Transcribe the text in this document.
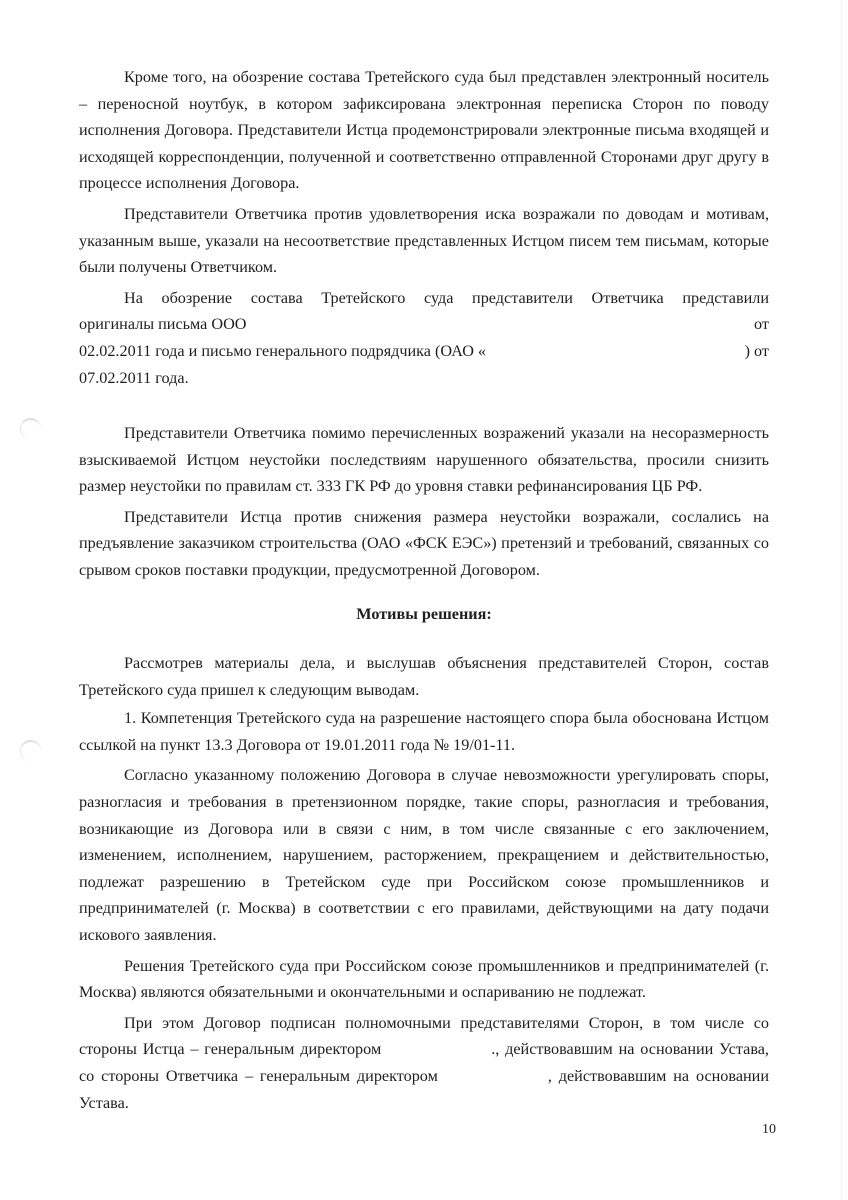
Кроме того, на обозрение состава Третейского суда был представлен электронный носитель – переносной ноутбук, в котором зафиксирована электронная переписка Сторон по поводу исполнения Договора. Представители Истца продемонстрировали электронные письма входящей и исходящей корреспонденции, полученной и соответственно отправленной Сторонами друг другу в процессе исполнения Договора.

Представители Ответчика против удовлетворения иска возражали по доводам и мотивам, указанным выше, указали на несоответствие представленных Истцом писем тем письмам, которые были получены Ответчиком.

На обозрение состава Третейского суда представители Ответчика представили

оригиналы письма ООО	от
02.02.2011 года и письмо генерального подрядчика (ОАО «	) от

07.02.2011 года.

Представители Ответчика помимо перечисленных возражений указали на несоразмерность взыскиваемой Истцом неустойки последствиям нарушенного обязательства, просили снизить размер неустойки по правилам ст. 333 ГК РФ до уровня ставки рефинансирования ЦБ РФ.

Представители Истца против снижения размера неустойки возражали, сослались на предъявление заказчиком строительства (ОАО «ФСК ЕЭС») претензий и требований, связанных со срывом сроков поставки продукции, предусмотренной Договором.

Мотивы решения:

Рассмотрев материалы дела, и выслушав объяснения представителей Сторон, состав Третейского суда пришел к следующим выводам.

1. Компетенция Третейского суда на разрешение настоящего спора была обоснована Истцом ссылкой на пункт 13.3 Договора от 19.01.2011 года № 19/01-11.

Согласно указанному положению Договора в случае невозможности урегулировать споры, разногласия и требования в претензионном порядке, такие споры, разногласия и требования, возникающие из Договора или в связи с ним, в том числе связанные с его заключением, изменением, исполнением, нарушением, расторжением, прекращением и действительностью, подлежат разрешению в Третейском суде при Российском союзе промышленников и предпринимателей (г. Москва) в соответствии с его правилами, действующими на дату подачи искового заявления.

Решения Третейского суда при Российском союзе промышленников и предпринимателей (г. Москва) являются обязательными и окончательными и оспариванию не подлежат.

При этом Договор подписан полномочными представителями Сторон, в том числе со стороны Истца – генеральным директором	., действовавшим на основании Устава, со стороны Ответчика – генеральным директором	, действовавшим на основании Устава.

10
